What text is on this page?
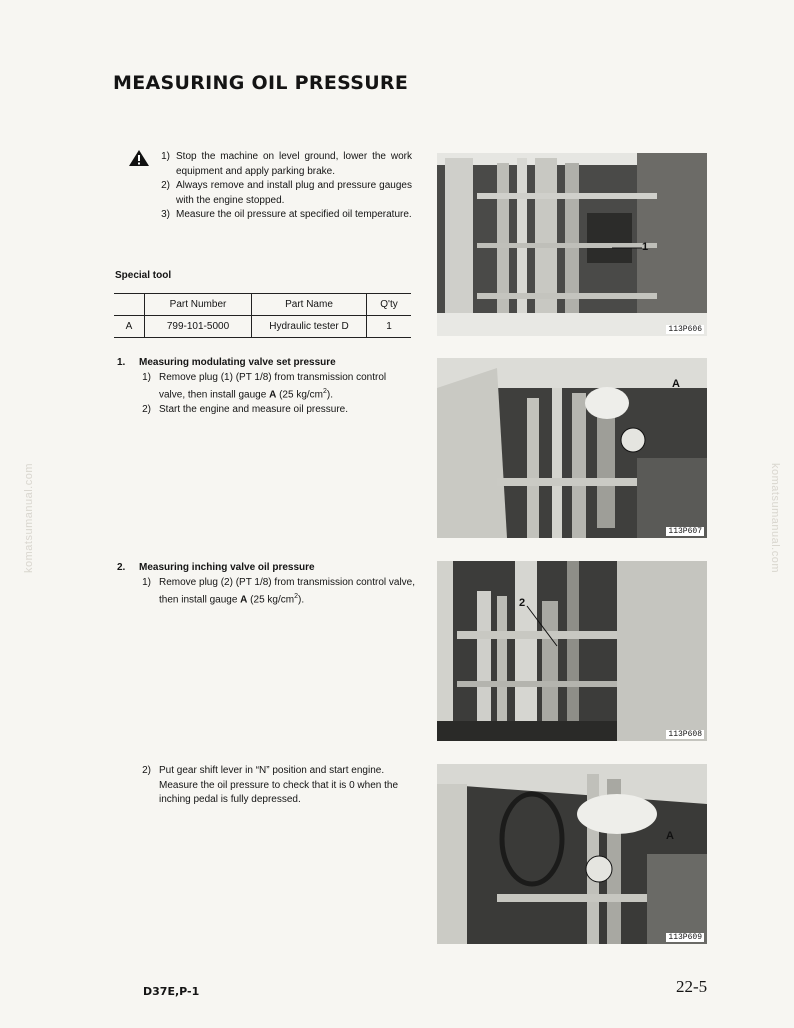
MEASURING OIL PRESSURE
1) Stop the machine on level ground, lower the work equipment and apply parking brake.
2) Always remove and install plug and pressure gauges with the engine stopped.
3) Measure the oil pressure at specified oil temperature.
Special tool
	Part Number	Part Name	Q'ty
A	799-101-5000	Hydraulic tester D	1
1. Measuring modulating valve set pressure
1) Remove plug (1) (PT 1/8) from transmission control valve, then install gauge A (25 $kg/cm^2$).
2) Start the engine and measure oil pressure.
2. Measuring inching valve oil pressure
1) Remove plug (2) (PT 1/8) from transmission control valve, then install gauge A (25 $kg/cm^2$).
2) Put gear shift lever in “N” position and start engine. Measure the oil pressure to check that it is 0 when the inching pedal is fully depressed.
1
113P606
A
113P607
2
113P608
A
113P609
komatsumanual.com	komatsumanual.com
D37E,P-1	22-5
